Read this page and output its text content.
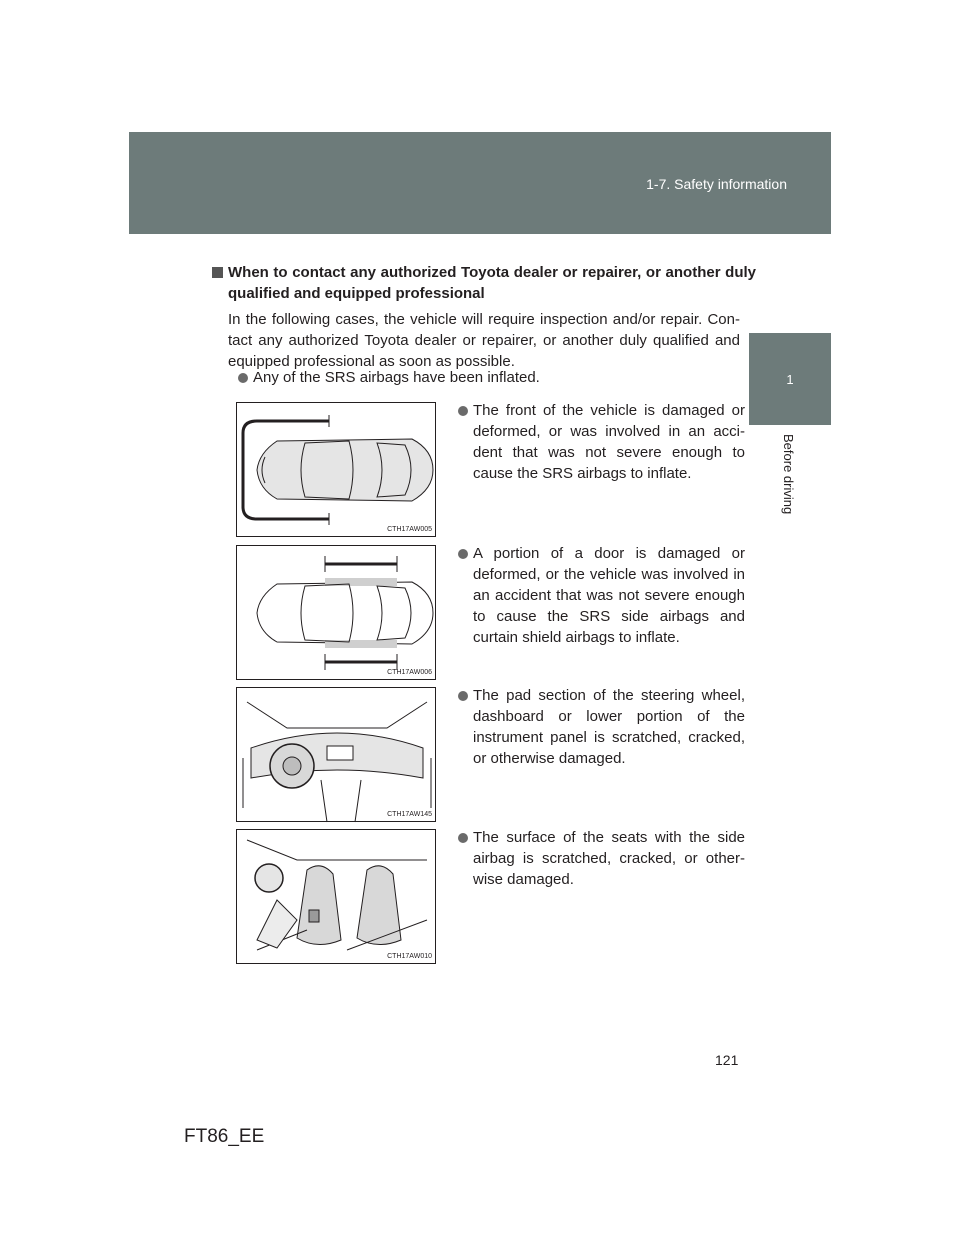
1-7. Safety information
1
Before driving
When to contact any authorized Toyota dealer or repairer, or another duly qualified and equipped professional
In the following cases, the vehicle will require inspection and/or repair. Con-tact any authorized Toyota dealer or repairer, or another duly qualified and equipped professional as soon as possible.
Any of the SRS airbags have been inflated.
CTH17AW005
The front of the vehicle is damaged or deformed, or was involved in an acci-dent that was not severe enough to cause the SRS airbags to inflate.
CTH17AW006
A portion of a door is damaged or deformed, or the vehicle was involved in an accident that was not severe enough to cause the SRS side airbags and curtain shield airbags to inflate.
CTH17AW145
The pad section of the steering wheel, dashboard or lower portion of the instrument panel is scratched, cracked, or otherwise damaged.
CTH17AW010
The surface of the seats with the side airbag is scratched, cracked, or other-wise damaged.
121
FT86_EE
